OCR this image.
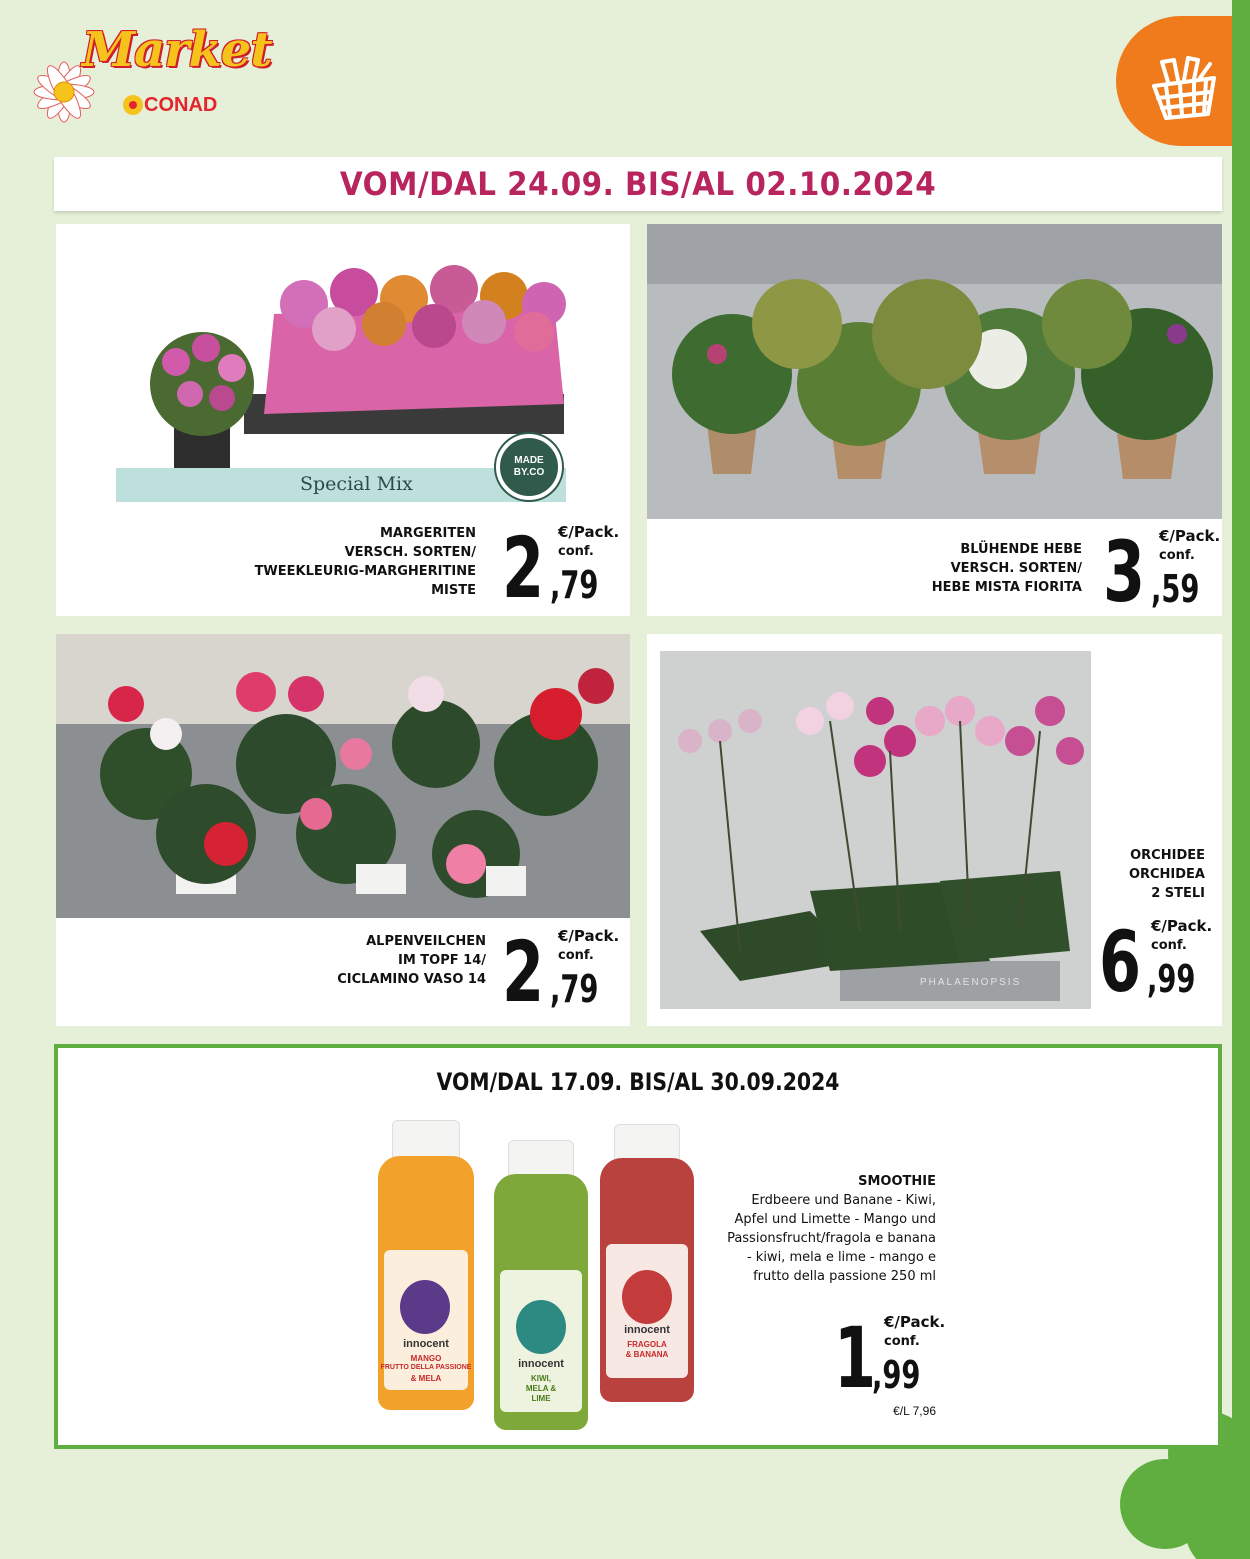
Market
CONAD
VOM/DAL 24.09. BIS/AL 02.10.2024
Special Mix
MADE BY.CO
MARGERITEN
VERSCH. SORTEN/
TWEEKLEURIG-MARGHERITINE
MISTE
€/Pack.
conf.
2 ,79
BLÜHENDE HEBE
VERSCH. SORTEN/
HEBE MISTA FIORITA
€/Pack.
conf.
3 ,59
ALPENVEILCHEN
IM TOPF 14/
CICLAMINO VASO 14
€/Pack.
conf.
2 ,79	PHALAENOPSIS
ORCHIDEE
ORCHIDEA
2 STELI
€/Pack.
conf.
6 ,99
VOM/DAL 17.09. BIS/AL 30.09.2024
innocent
MANGO
FRUTTO DELLA PASSIONE
& MELA
innocent
KIWI,
MELA &
LIME
innocent
FRAGOLA
& BANANA
SMOOTHIE
Erdbeere und Banane - Kiwi,
Apfel und Limette - Mango und
Passionsfrucht/fragola e banana
- kiwi, mela e lime - mango e
frutto della passione 250 ml
€/Pack.
conf.
1
,99
€/L 7,96
